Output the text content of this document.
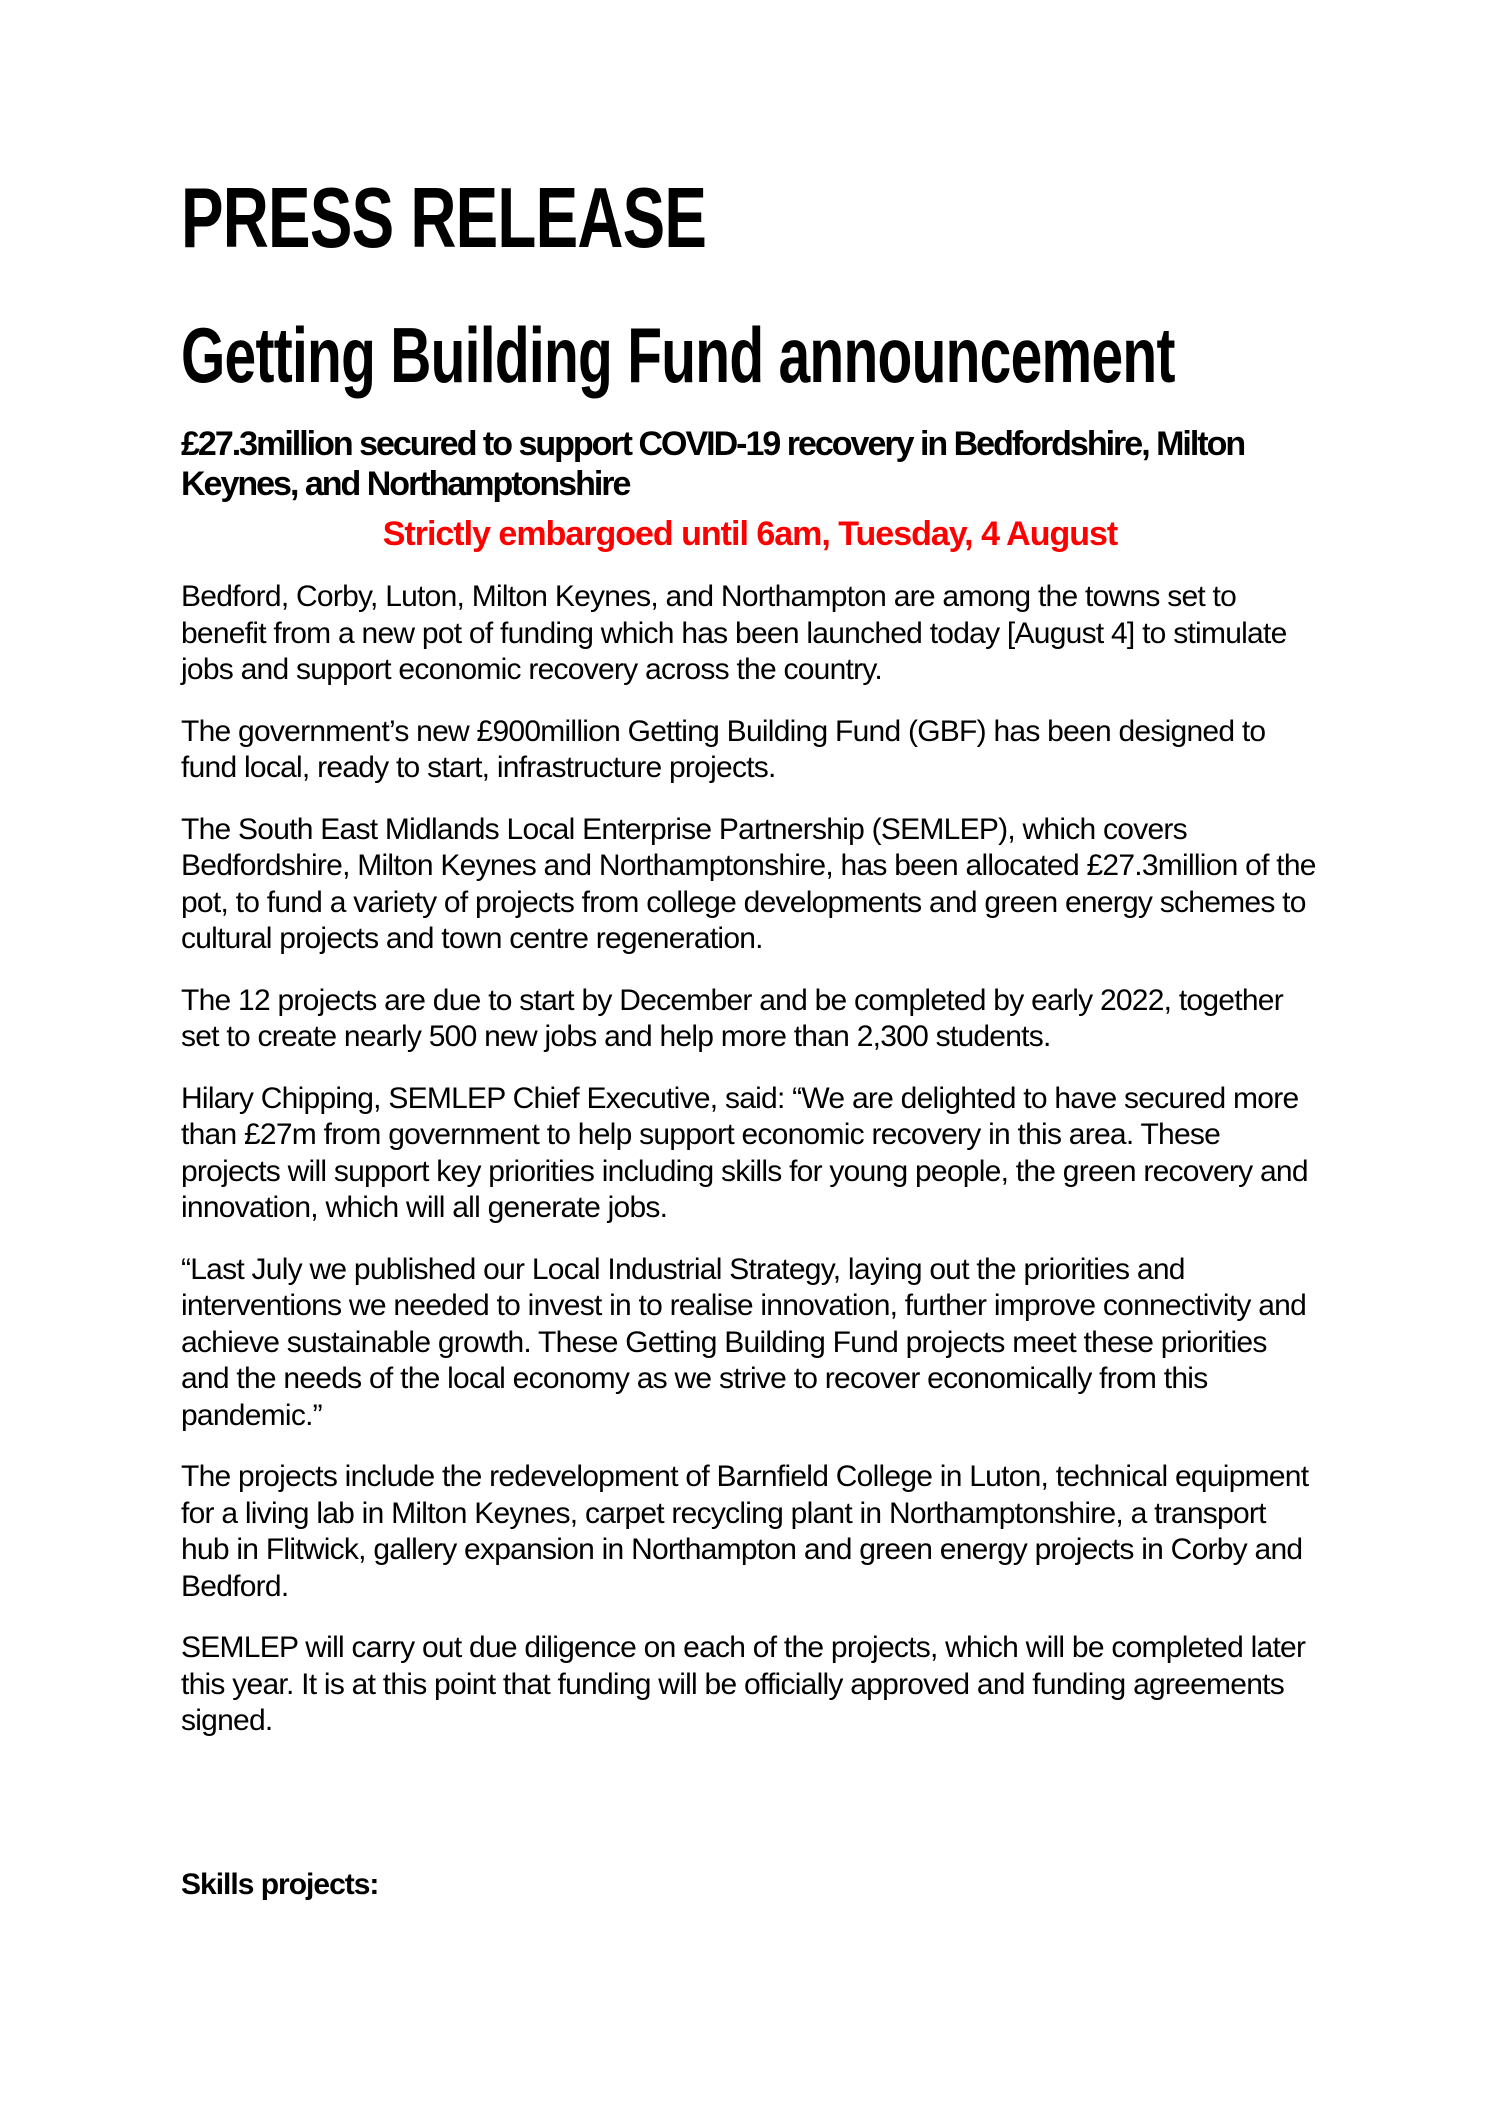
PRESS RELEASE
Getting Building Fund announcement
£27.3million secured to support COVID-19 recovery in Bedfordshire, Milton Keynes, and Northamptonshire

Strictly embargoed until 6am, Tuesday, 4 August

Bedford, Corby, Luton, Milton Keynes, and Northampton are among the towns set to benefit from a new pot of funding which has been launched today [August 4] to stimulate jobs and support economic recovery across the country.

The government’s new £900million Getting Building Fund (GBF) has been designed to fund local, ready to start, infrastructure projects.

The South East Midlands Local Enterprise Partnership (SEMLEP), which covers Bedfordshire, Milton Keynes and Northamptonshire, has been allocated £27.3million of the pot, to fund a variety of projects from college developments and green energy schemes to cultural projects and town centre regeneration.

The 12 projects are due to start by December and be completed by early 2022, together set to create nearly 500 new jobs and help more than 2,300 students.

Hilary Chipping, SEMLEP Chief Executive, said: “We are delighted to have secured more than £27m from government to help support economic recovery in this area. These projects will support key priorities including skills for young people, the green recovery and innovation, which will all generate jobs.

“Last July we published our Local Industrial Strategy, laying out the priorities and interventions we needed to invest in to realise innovation, further improve connectivity and achieve sustainable growth. These Getting Building Fund projects meet these priorities and the needs of the local economy as we strive to recover economically from this pandemic.”

The projects include the redevelopment of Barnfield College in Luton, technical equipment for a living lab in Milton Keynes, carpet recycling plant in Northamptonshire, a transport hub in Flitwick, gallery expansion in Northampton and green energy projects in Corby and Bedford.

SEMLEP will carry out due diligence on each of the projects, which will be completed later this year. It is at this point that funding will be officially approved and funding agreements signed.

Skills projects:
